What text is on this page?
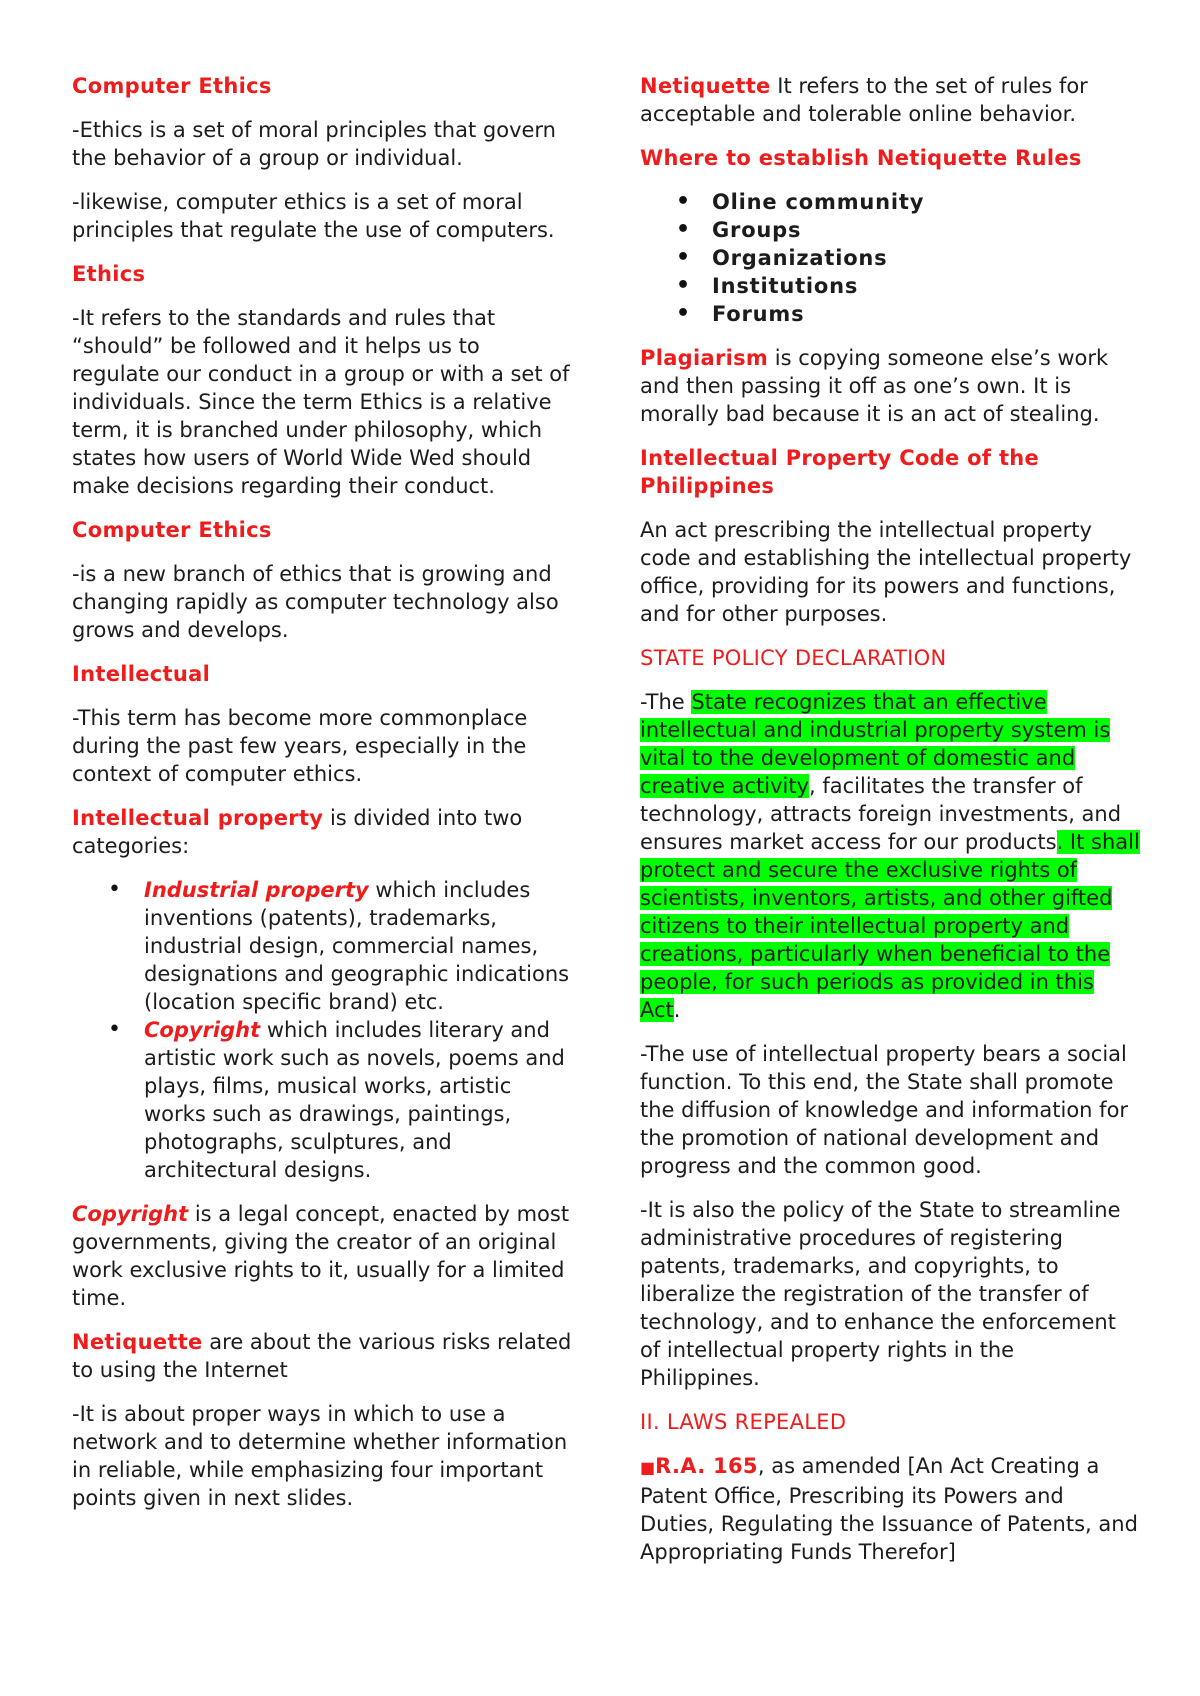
Computer Ethics

-Ethics is a set of moral principles that govern the behavior of a group or individual.

-likewise, computer ethics is a set of moral principles that regulate the use of computers.

Ethics

-It refers to the standards and rules that “should” be followed and it helps us to regulate our conduct in a group or with a set of individuals. Since the term Ethics is a relative term, it is branched under philosophy, which states how users of World Wide Wed should make decisions regarding their conduct.

Computer Ethics

-is a new branch of ethics that is growing and changing rapidly as computer technology also grows and develops.

Intellectual

-This term has become more commonplace during the past few years, especially in the context of computer ethics.

Intellectual property is divided into two categories:

• Industrial property which includes inventions (patents), trademarks, industrial design, commercial names, designations and geographic indications (location specific brand) etc.
• Copyright which includes literary and artistic work such as novels, poems and plays, films, musical works, artistic works such as drawings, paintings, photographs, sculptures, and architectural designs.

Copyright is a legal concept, enacted by most governments, giving the creator of an original work exclusive rights to it, usually for a limited time.

Netiquette are about the various risks related to using the Internet

-It is about proper ways in which to use a network and to determine whether information in reliable, while emphasizing four important points given in next slides.

Netiquette It refers to the set of rules for acceptable and tolerable online behavior.

Where to establish Netiquette Rules
• Oline community
• Groups
• Organizations
• Institutions
• Forums

Plagiarism is copying someone else’s work and then passing it off as one’s own. It is morally bad because it is an act of stealing.

Intellectual Property Code of the Philippines

An act prescribing the intellectual property code and establishing the intellectual property office, providing for its powers and functions, and for other purposes.

STATE POLICY DECLARATION

-The State recognizes that an effective intellectual and industrial property system is vital to the development of domestic and creative activity, facilitates the transfer of technology, attracts foreign investments, and ensures market access for our products. It shall protect and secure the exclusive rights of scientists, inventors, artists, and other gifted citizens to their intellectual property and creations, particularly when beneficial to the people, for such periods as provided in this Act.

-The use of intellectual property bears a social function. To this end, the State shall promote the diffusion of knowledge and information for the promotion of national development and progress and the common good.

-It is also the policy of the State to streamline administrative procedures of registering patents, trademarks, and copyrights, to liberalize the registration of the transfer of technology, and to enhance the enforcement of intellectual property rights in the Philippines.

II. LAWS REPEALED

■R.A. 165, as amended [An Act Creating a Patent Office, Prescribing its Powers and Duties, Regulating the Issuance of Patents, and Appropriating Funds Therefor]
